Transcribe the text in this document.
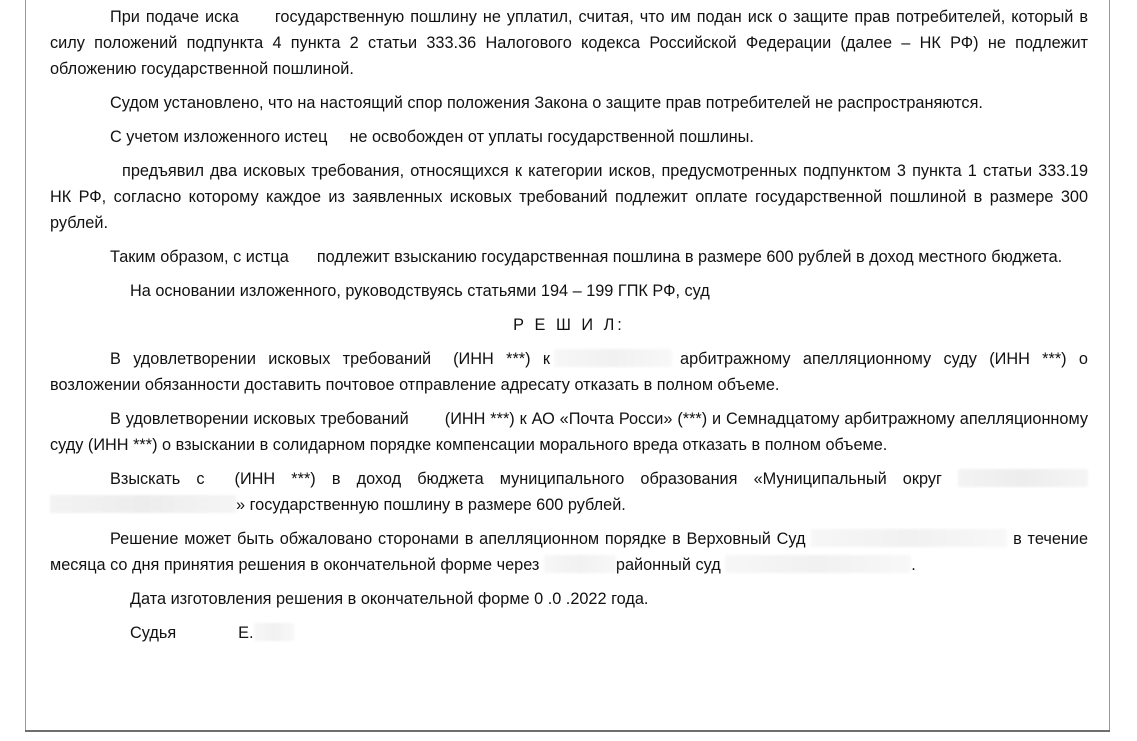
При подаче иска государственную пошлину не уплатил, считая, что им подан иск о защите прав потребителей, который в силу положений подпункта 4 пункта 2 статьи 333.36 Налогового кодекса Российской Федерации (далее – НК РФ) не подлежит обложению государственной пошлиной.

Судом установлено, что на настоящий спор положения Закона о защите прав потребителей не распространяются.

С учетом изложенного истец не освобожден от уплаты государственной пошлины.

предъявил два исковых требования, относящихся к категории исков, предусмотренных подпунктом 3 пункта 1 статьи 333.19 НК РФ, согласно которому каждое из заявленных исковых требований подлежит оплате государственной пошлиной в размере 300 рублей.

Таким образом, с истца подлежит взысканию государственная пошлина в размере 600 рублей в доход местного бюджета.

На основании изложенного, руководствуясь статьями 194 – 199 ГПК РФ, суд

Р Е Ш И Л:

В удовлетворении исковых требований (ИНН ***) к	арбитражному апелляционному суду (ИНН ***) о возложении обязанности доставить почтовое отправление адресату отказать в полном объеме.

В удовлетворении исковых требований (ИНН ***) к АО «Почта Росси» (***) и Семнадцатому арбитражному апелляционному суду (ИНН ***) о взыскании в солидарном порядке компенсации морального вреда отказать в полном объеме.

Взыскать с (ИНН ***) в доход бюджета муниципального образования «Муниципальный округ  » государственную пошлину в размере 600 рублей.

Решение может быть обжаловано сторонами в апелляционном порядке в Верховный Суд	в течение месяца со дня принятия решения в окончательной форме через	районный суд	.

Дата изготовления решения в окончательной форме 0 .0 .2022 года.

Судья	Е.
